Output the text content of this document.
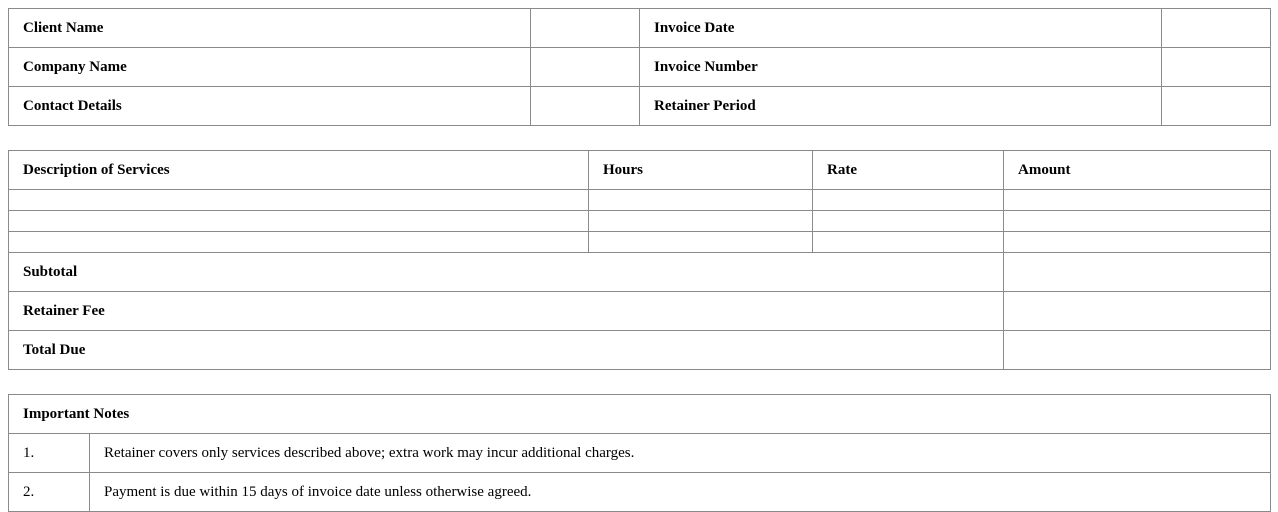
Client Name		Invoice Date	
Company Name		Invoice Number	
Contact Details		Retainer Period	
Description of Services	Hours	Rate	Amount

Subtotal			
Retainer Fee			
Total Due			
Important Notes	
1.	Retainer covers only services described above; extra work may incur additional charges.
2.	Payment is due within 15 days of invoice date unless otherwise agreed.
